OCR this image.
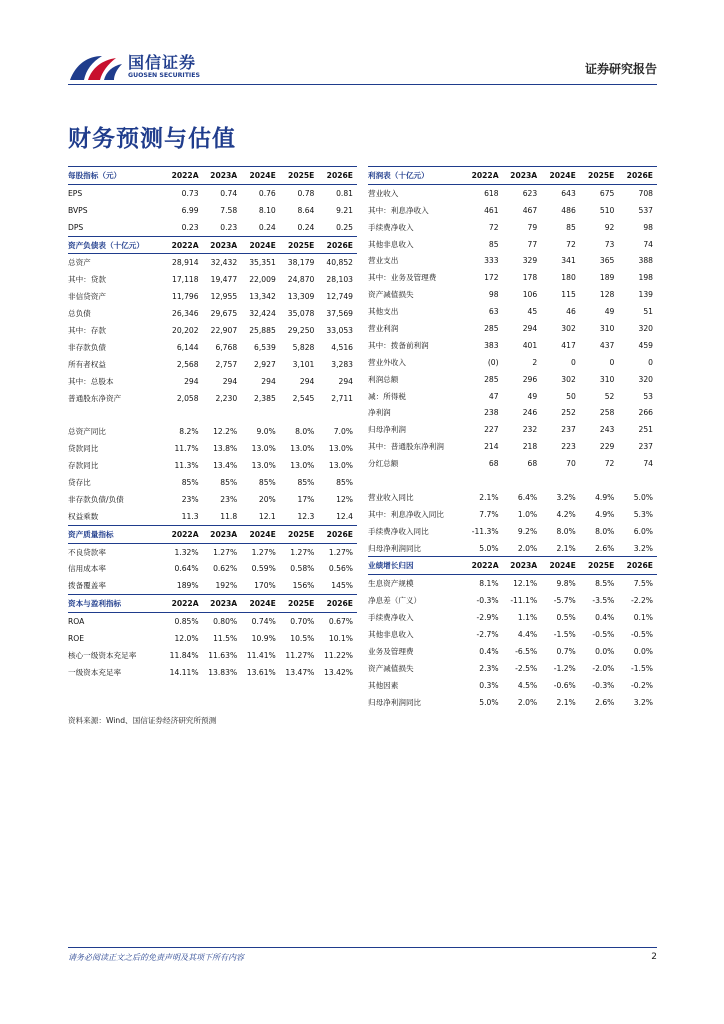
国信证券
GUOSEN SECURITIES	证券研究报告
财务预测与估值
每股指标（元）	2022A	2023A	2024E	2025E	2026E
EPS	0.73	0.74	0.76	0.78	0.81
BVPS	6.99	7.58	8.10	8.64	9.21
DPS	0.23	0.23	0.24	0.24	0.25
资产负债表（十亿元）	2022A	2023A	2024E	2025E	2026E
总资产	28,914	32,432	35,351	38,179	40,852
其中：贷款	17,118	19,477	22,009	24,870	28,103
非信贷资产	11,796	12,955	13,342	13,309	12,749
总负债	26,346	29,675	32,424	35,078	37,569
其中：存款	20,202	22,907	25,885	29,250	33,053
非存款负债	6,144	6,768	6,539	5,828	4,516
所有者权益	2,568	2,757	2,927	3,101	3,283
其中：总股本	294	294	294	294	294
普通股东净资产	2,058	2,230	2,385	2,545	2,711

总资产同比	8.2%	12.2%	9.0%	8.0%	7.0%
贷款同比	11.7%	13.8%	13.0%	13.0%	13.0%
存款同比	11.3%	13.4%	13.0%	13.0%	13.0%
贷存比	85%	85%	85%	85%	85%
非存款负债/负债	23%	23%	20%	17%	12%
权益乘数	11.3	11.8	12.1	12.3	12.4
资产质量指标	2022A	2023A	2024E	2025E	2026E
不良贷款率	1.32%	1.27%	1.27%	1.27%	1.27%
信用成本率	0.64%	0.62%	0.59%	0.58%	0.56%
拨备覆盖率	189%	192%	170%	156%	145%
资本与盈利指标	2022A	2023A	2024E	2025E	2026E
ROA	0.85%	0.80%	0.74%	0.70%	0.67%
ROE	12.0%	11.5%	10.9%	10.5%	10.1%
核心一级资本充足率	11.84%	11.63%	11.41%	11.27%	11.22%
一级资本充足率	14.11%	13.83%	13.61%	13.47%	13.42%
利润表（十亿元）	2022A	2023A	2024E	2025E	2026E
营业收入	618	623	643	675	708
其中：利息净收入	461	467	486	510	537
手续费净收入	72	79	85	92	98
其他非息收入	85	77	72	73	74
营业支出	333	329	341	365	388
其中：业务及管理费	172	178	180	189	198
资产减值损失	98	106	115	128	139
其他支出	63	45	46	49	51
营业利润	285	294	302	310	320
其中：拨备前利润	383	401	417	437	459
营业外收入	(0)	2	0	0	0
利润总额	285	296	302	310	320
减：所得税	47	49	50	52	53
净利润	238	246	252	258	266
归母净利润	227	232	237	243	251
其中：普通股东净利润	214	218	223	229	237
分红总额	68	68	70	72	74

营业收入同比	2.1%	6.4%	3.2%	4.9%	5.0%
其中：利息净收入同比	7.7%	1.0%	4.2%	4.9%	5.3%
手续费净收入同比	-11.3%	9.2%	8.0%	8.0%	6.0%
归母净利润同比	5.0%	2.0%	2.1%	2.6%	3.2%
业绩增长归因	2022A	2023A	2024E	2025E	2026E
生息资产规模	8.1%	12.1%	9.8%	8.5%	7.5%
净息差（广义）	-0.3%	-11.1%	-5.7%	-3.5%	-2.2%
手续费净收入	-2.9%	1.1%	0.5%	0.4%	0.1%
其他非息收入	-2.7%	4.4%	-1.5%	-0.5%	-0.5%
业务及管理费	0.4%	-6.5%	0.7%	0.0%	0.0%
资产减值损失	2.3%	-2.5%	-1.2%	-2.0%	-1.5%
其他因素	0.3%	4.5%	-0.6%	-0.3%	-0.2%
归母净利润同比	5.0%	2.0%	2.1%	2.6%	3.2%
资料来源：Wind、国信证券经济研究所预测
请务必阅读正文之后的免责声明及其项下所有内容	2
